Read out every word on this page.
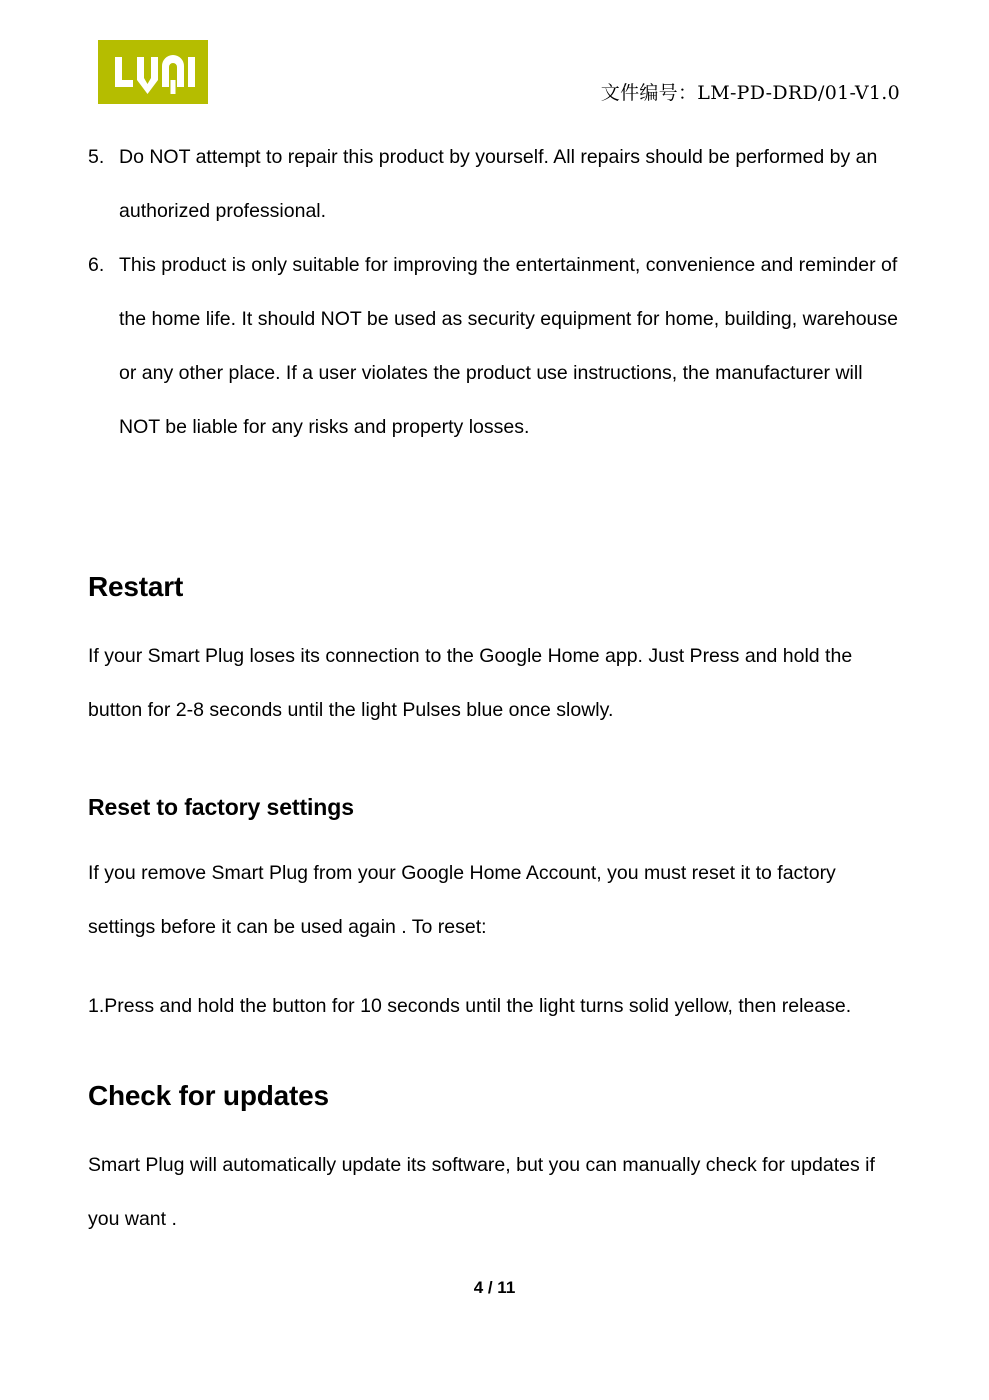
文件编号：LM-PD-DRD/01-V1.0
5. Do NOT attempt to repair this product by yourself. All repairs should be performed by an authorized professional.
6. This product is only suitable for improving the entertainment, convenience and reminder of the home life. It should NOT be used as security equipment for home, building, warehouse or any other place. If a user violates the product use instructions, the manufacturer will NOT be liable for any risks and property losses.
Restart

If your Smart Plug loses its connection to the Google Home app. Just Press and hold the button for 2-8 seconds until the light Pulses blue once slowly.

Reset to factory settings

If you remove Smart Plug from your Google Home Account, you must reset it to factory settings before it can be used again . To reset:

1.Press and hold the button for 10 seconds until the light turns solid yellow, then release.

Check for updates

Smart Plug will automatically update its software, but you can manually check for updates if you want .

4 / 11
